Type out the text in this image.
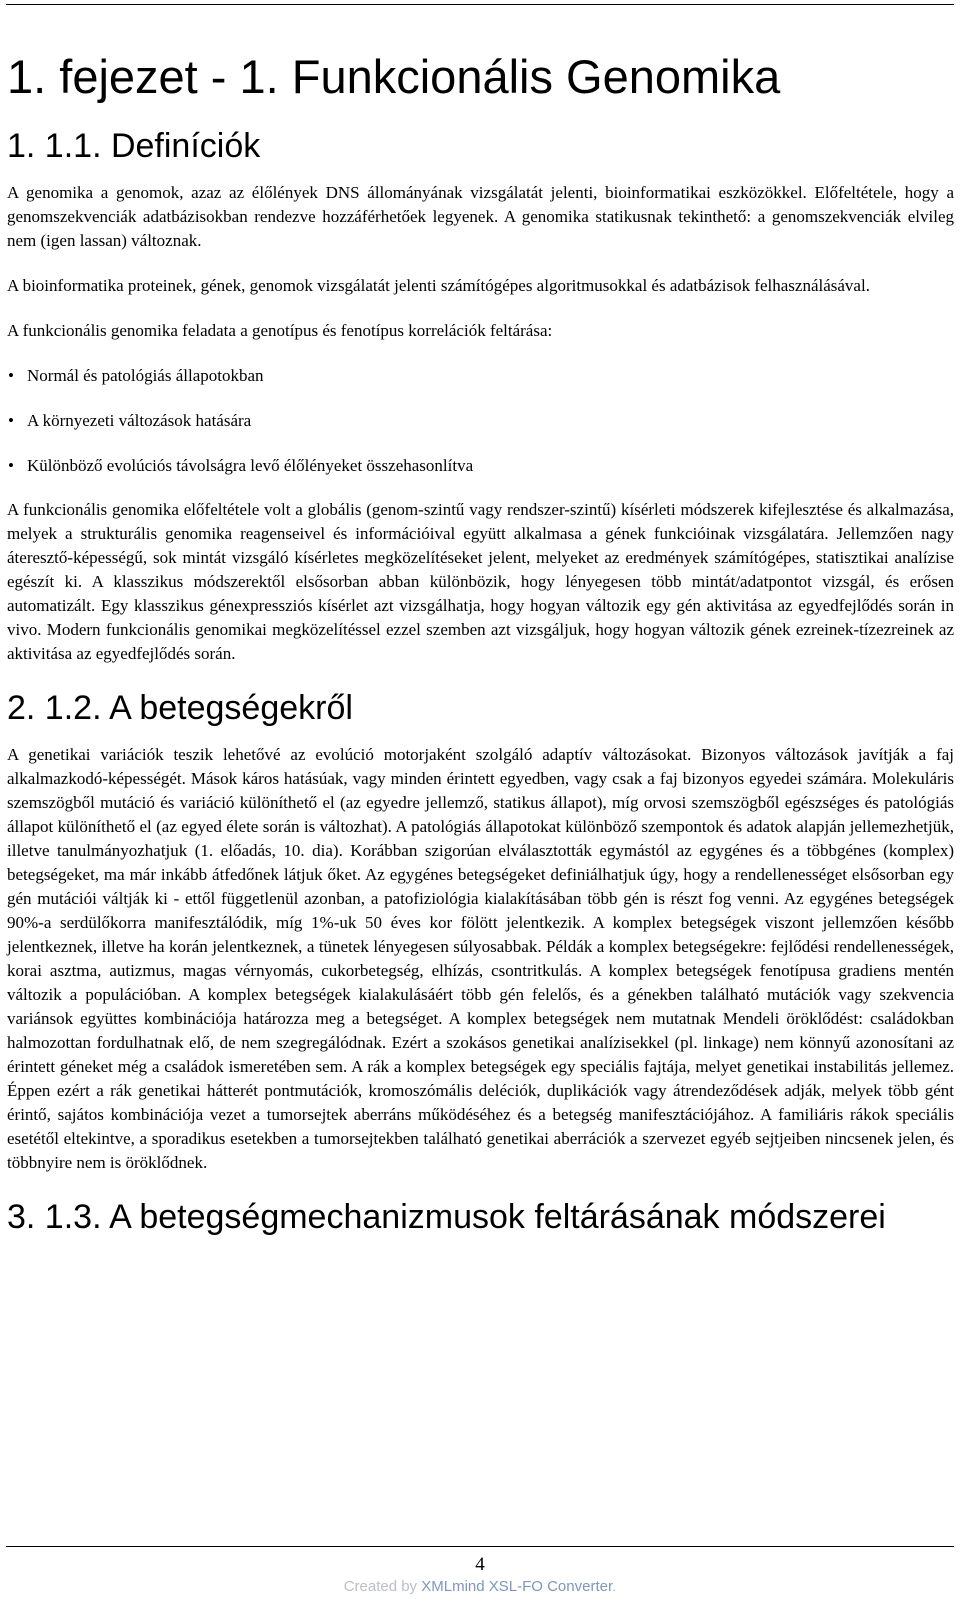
1. fejezet - 1. Funkcionális Genomika
1. 1.1. Definíciók

A genomika a genomok, azaz az élőlények DNS állományának vizsgálatát jelenti, bioinformatikai eszközökkel. Előfeltétele, hogy a genomszekvenciák adatbázisokban rendezve hozzáférhetőek legyenek. A genomika statikusnak tekinthető: a genomszekvenciák elvileg nem (igen lassan) változnak.

A bioinformatika proteinek, gének, genomok vizsgálatát jelenti számítógépes algoritmusokkal és adatbázisok felhasználásával.

A funkcionális genomika feladata a genotípus és fenotípus korrelációk feltárása:

• Normál és patológiás állapotokban
• A környezeti változások hatására
• Különböző evolúciós távolságra levő élőlényeket összehasonlítva

A funkcionális genomika előfeltétele volt a globális (genom-szintű vagy rendszer-szintű) kísérleti módszerek kifejlesztése és alkalmazása, melyek a strukturális genomika reagenseivel és információival együtt alkalmasa a gének funkcióinak vizsgálatára. Jellemzően nagy áteresztő-képességű, sok mintát vizsgáló kísérletes megközelítéseket jelent, melyeket az eredmények számítógépes, statisztikai analízise egészít ki. A klasszikus módszerektől elsősorban abban különbözik, hogy lényegesen több mintát/adatpontot vizsgál, és erősen automatizált. Egy klasszikus génexpressziós kísérlet azt vizsgálhatja, hogy hogyan változik egy gén aktivitása az egyedfejlődés során in vivo. Modern funkcionális genomikai megközelítéssel ezzel szemben azt vizsgáljuk, hogy hogyan változik gének ezreinek-tízezreinek az aktivitása az egyedfejlődés során.

2. 1.2. A betegségekről

A genetikai variációk teszik lehetővé az evolúció motorjaként szolgáló adaptív változásokat. Bizonyos változások javítják a faj alkalmazkodó-képességét. Mások káros hatásúak, vagy minden érintett egyedben, vagy csak a faj bizonyos egyedei számára. Molekuláris szemszögből mutáció és variáció különíthető el (az egyedre jellemző, statikus állapot), míg orvosi szemszögből egészséges és patológiás állapot különíthető el (az egyed élete során is változhat). A patológiás állapotokat különböző szempontok és adatok alapján jellemezhetjük, illetve tanulmányozhatjuk (1. előadás, 10. dia). Korábban szigorúan elválasztották egymástól az egygénes és a többgénes (komplex) betegségeket, ma már inkább átfedőnek látjuk őket. Az egygénes betegségeket definiálhatjuk úgy, hogy a rendellenességet elsősorban egy gén mutációi váltják ki - ettől függetlenül azonban, a patofiziológia kialakításában több gén is részt fog venni. Az egygénes betegségek 90%-a serdülőkorra manifesztálódik, míg 1%-uk 50 éves kor fölött jelentkezik. A komplex betegségek viszont jellemzően később jelentkeznek, illetve ha korán jelentkeznek, a tünetek lényegesen súlyosabbak. Példák a komplex betegségekre: fejlődési rendellenességek, korai asztma, autizmus, magas vérnyomás, cukorbetegség, elhízás, csontritkulás. A komplex betegségek fenotípusa gradiens mentén változik a populációban. A komplex betegségek kialakulásáért több gén felelős, és a génekben található mutációk vagy szekvencia variánsok együttes kombinációja határozza meg a betegséget. A komplex betegségek nem mutatnak Mendeli öröklődést: családokban halmozottan fordulhatnak elő, de nem szegregálódnak. Ezért a szokásos genetikai analízisekkel (pl. linkage) nem könnyű azonosítani az érintett géneket még a családok ismeretében sem. A rák a komplex betegségek egy speciális fajtája, melyet genetikai instabilitás jellemez. Éppen ezért a rák genetikai hátterét pontmutációk, kromoszómális deléciók, duplikációk vagy átrendeződések adják, melyek több gént érintő, sajátos kombinációja vezet a tumorsejtek aberráns működéséhez és a betegség manifesztációjához. A familiáris rákok speciális esetétől eltekintve, a sporadikus esetekben a tumorsejtekben található genetikai aberrációk a szervezet egyéb sejtjeiben nincsenek jelen, és többnyire nem is öröklődnek.

3. 1.3. A betegségmechanizmusok feltárásának módszerei
4
Created by XMLmind XSL-FO Converter.
